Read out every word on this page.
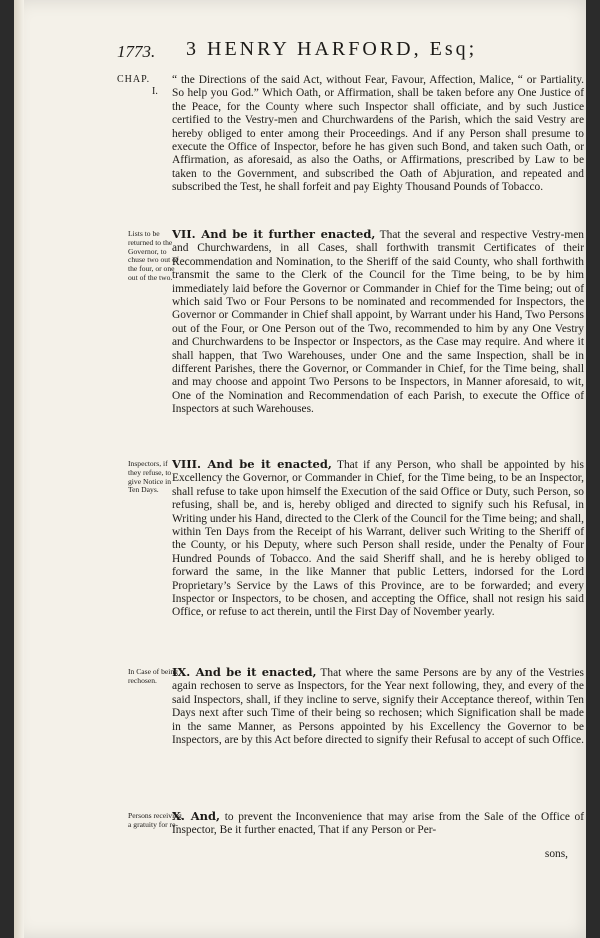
1773. 3 HENRY HARFORD, Esq;
CHAP.
I.

“ the Directions of the said Act, without Fear, Favour, Affection, Malice, “ or Partiality. So help you God.” Which Oath, or Affirmation, shall be taken before any One Justice of the Peace, for the County where such Inspector shall officiate, and by such Justice certified to the Vestry-men and Churchwardens of the Parish, which the said Vestry are hereby obliged to enter among their Proceedings. And if any Person shall presume to execute the Office of Inspector, before he has given such Bond, and taken such Oath, or Affirmation, as aforesaid, as also the Oaths, or Affirmations, prescribed by Law to be taken to the Government, and subscribed the Oath of Abjuration, and repeated and subscribed the Test, he shall forfeit and pay Eighty Thousand Pounds of Tobacco.

Lists to be returned to the Governor, to chuse two out of the four, or one out of the two.

VII. And be it further enacted, That the several and respective Vestry-men and Churchwardens, in all Cases, shall forthwith transmit Certificates of their Recommendation and Nomination, to the Sheriff of the said County, who shall forthwith transmit the same to the Clerk of the Council for the Time being, to be by him immediately laid before the Governor or Commander in Chief for the Time being; out of which said Two or Four Persons to be nominated and recommended for Inspectors, the Governor or Commander in Chief shall appoint, by Warrant under his Hand, Two Persons out of the Four, or One Person out of the Two, recommended to him by any One Vestry and Churchwardens to be Inspector or Inspectors, as the Case may require. And where it shall happen, that Two Warehouses, under One and the same Inspection, shall be in different Parishes, there the Governor, or Commander in Chief, for the Time being, shall and may choose and appoint Two Persons to be Inspectors, in Manner aforesaid, to wit, One of the Nomination and Recommendation of each Parish, to execute the Office of Inspectors at such Warehouses.

Inspectors, if they refuse, to give Notice in Ten Days.

VIII. And be it enacted, That if any Person, who shall be appointed by his Excellency the Governor, or Commander in Chief, for the Time being, to be an Inspector, shall refuse to take upon himself the Execution of the said Office or Duty, such Person, so refusing, shall be, and is, hereby obliged and directed to signify such his Refusal, in Writing under his Hand, directed to the Clerk of the Council for the Time being; and shall, within Ten Days from the Receipt of his Warrant, deliver such Writing to the Sheriff of the County, or his Deputy, where such Person shall reside, under the Penalty of Four Hundred Pounds of Tobacco. And the said Sheriff shall, and he is hereby obliged to forward the same, in the like Manner that public Letters, indorsed for the Lord Proprietary’s Service by the Laws of this Province, are to be forwarded; and every Inspector or Inspectors, to be chosen, and accepting the Office, shall not resign his said Office, or refuse to act therein, until the First Day of November yearly.

In Case of being rechosen.

IX. And be it enacted, That where the same Persons are by any of the Vestries again rechosen to serve as Inspectors, for the Year next following, they, and every of the said Inspectors, shall, if they incline to serve, signify their Acceptance thereof, within Ten Days next after such Time of their being so rechosen; which Signification shall be made in the same Manner, as Persons appointed by his Excellency the Governor to be Inspectors, are by this Act before directed to signify their Refusal to accept of such Office.

Persons receiving a gratuity for re-

X. And, to prevent the Inconvenience that may arise from the Sale of the Office of Inspector, Be it further enacted, That if any Person or Per-

sons,
